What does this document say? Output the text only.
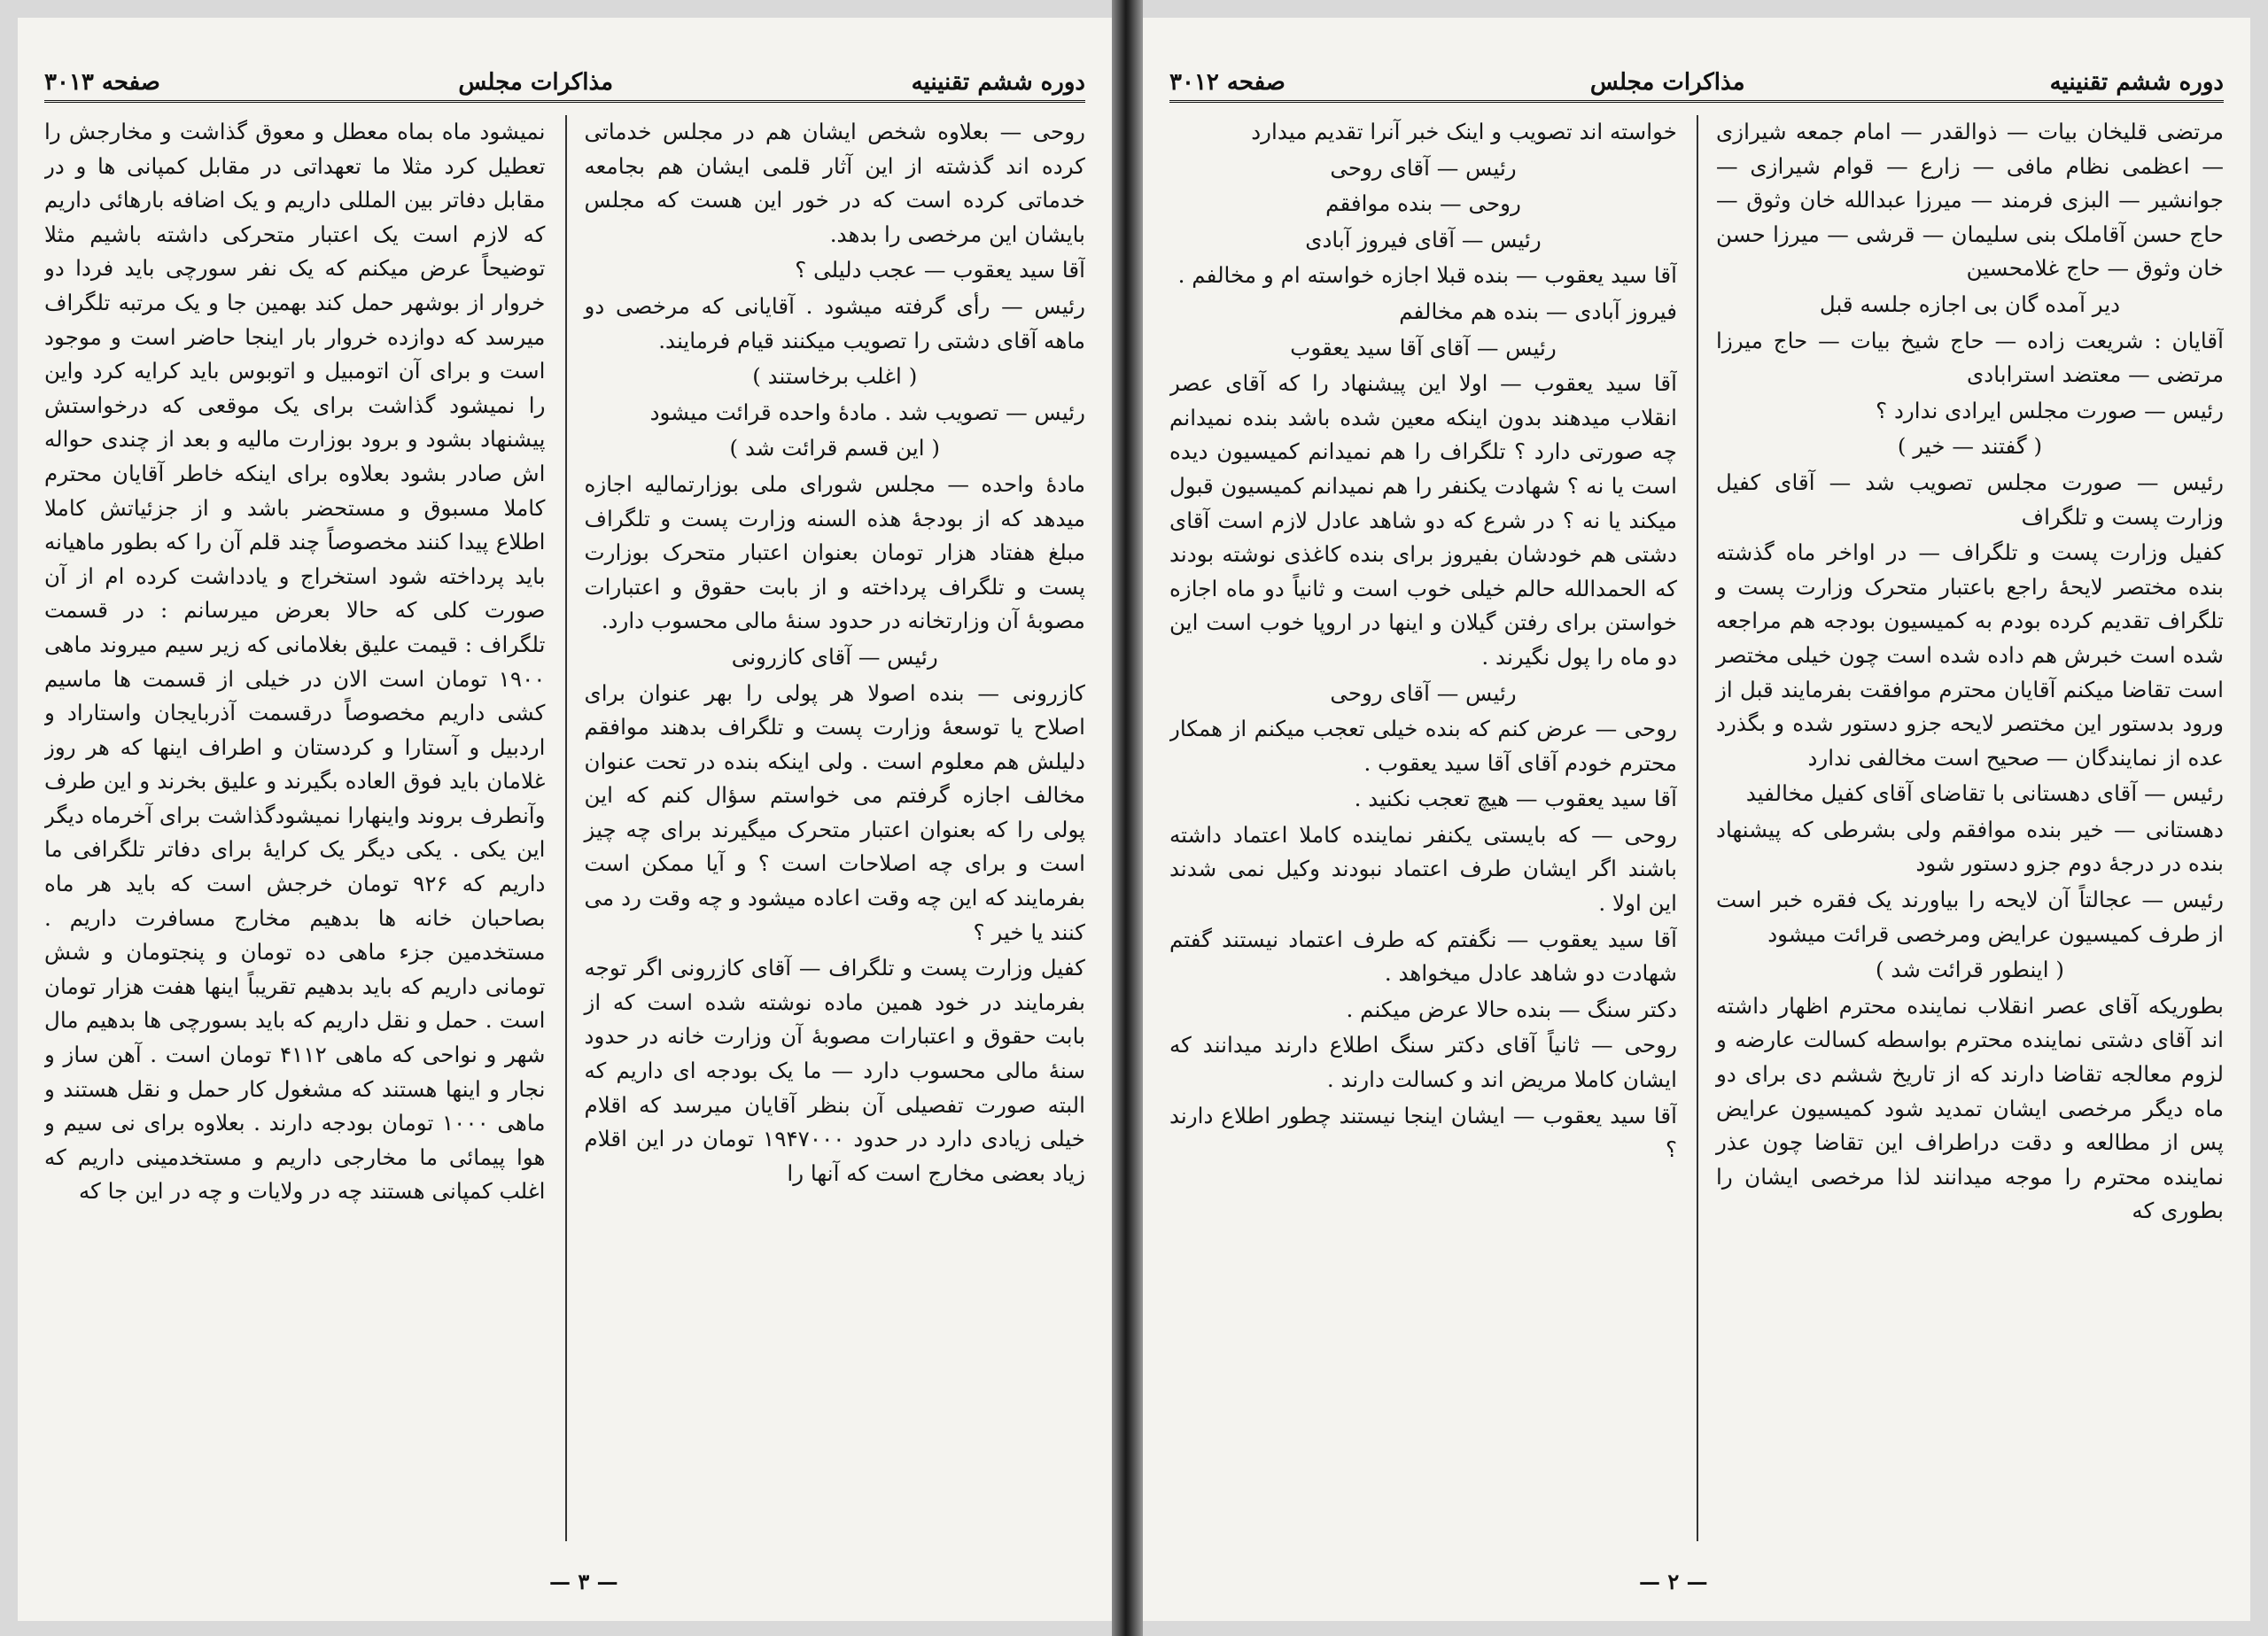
دوره ششم تقنینیه
مذاکرات مجلس
صفحه ۳۰۱۳

روحی — بعلاوه شخص ایشان هم در مجلس خدماتی کرده اند گذشته از این آثار قلمی ایشان هم بجامعه خدماتی کرده است که در خور این هست که مجلس بایشان این مرخصی را بدهد.

آقا سید یعقوب — عجب دلیلی ؟

رئیس — رأی گرفته میشود . آقایانی که مرخصی دو ماهه آقای دشتی را تصویب میکنند قیام فرمایند.

( اغلب برخاستند )

رئیس — تصویب شد . مادهٔ واحده قرائت میشود

( این قسم قرائت شد )

مادهٔ واحده — مجلس شورای ملی بوزارتمالیه اجازه میدهد که از بودجهٔ هذه السنه وزارت پست و تلگراف مبلغ هفتاد هزار تومان بعنوان اعتبار متحرک بوزارت پست و تلگراف پرداخته و از بابت حقوق و اعتبارات مصوبهٔ آن وزارتخانه در حدود سنهٔ مالی محسوب دارد.

رئیس — آقای کازرونی

کازرونی — بنده اصولا هر پولی را بهر عنوان برای اصلاح یا توسعهٔ وزارت پست و تلگراف بدهند موافقم دلیلش هم معلوم است . ولی اینکه بنده در تحت عنوان مخالف اجازه گرفتم می خواستم سؤال کنم که این پولی را که بعنوان اعتبار متحرک میگیرند برای چه چیز است و برای چه اصلاحات است ؟ و آیا ممکن است بفرمایند که این چه وقت اعاده میشود و چه وقت رد می کنند یا خیر ؟

کفیل وزارت پست و تلگراف — آقای کازرونی اگر توجه بفرمایند در خود همین ماده نوشته شده است که از بابت حقوق و اعتبارات مصوبهٔ آن وزارت خانه در حدود سنهٔ مالی محسوب دارد — ما یک بودجه ای داریم که البته صورت تفصیلی آن بنظر آقایان میرسد که اقلام خیلی زیادی دارد در حدود ۱۹۴۷۰۰۰ تومان در این اقلام زیاد بعضی مخارج است که آنها را

نمیشود ماه بماه معطل و معوق گذاشت و مخارجش را تعطیل کرد مثلا ما تعهداتی در مقابل کمپانی ها و در مقابل دفاتر بین المللی داریم و یک اضافه بارهائی داریم که لازم است یک اعتبار متحرکی داشته باشیم مثلا توضیحاً عرض میکنم که یک نفر سورچی باید فردا دو خروار از بوشهر حمل کند بهمین جا و یک مرتبه تلگراف میرسد که دوازده خروار بار اینجا حاضر است و موجود است و برای آن اتومبیل و اتوبوس باید کرایه کرد واین را نمیشود گذاشت برای یک موقعی که درخواستش پیشنهاد بشود و برود بوزارت مالیه و بعد از چندی حواله اش صادر بشود بعلاوه برای اینکه خاطر آقایان محترم کاملا مسبوق و مستحضر باشد و از جزئیاتش کاملا اطلاع پیدا کنند مخصوصاً چند قلم آن را که بطور ماهیانه باید پرداخته شود استخراج و یادداشت کرده ام از آن صورت کلی که حالا بعرض میرسانم : در قسمت تلگراف : قیمت علیق بغلامانی که زیر سیم میروند ماهی ۱۹۰۰ تومان است الان در خیلی از قسمت ها ماسیم کشی داریم مخصوصاً درقسمت آذربایجان واستاراد و اردبیل و آستارا و کردستان و اطراف اینها که هر روز غلامان باید فوق العاده بگیرند و علیق بخرند و این طرف وآنطرف بروند واینهارا نمیشودگذاشت برای آخرماه دیگر این یکی . یکی دیگر یک کرایهٔ برای دفاتر تلگرافی ما داریم که ۹۲۶ تومان خرجش است که باید هر ماه بصاحبان خانه ها بدهیم مخارج مسافرت داریم . مستخدمین جزء ماهی ده تومان و پنجتومان و شش تومانی داریم که باید بدهیم تقریباً اینها هفت هزار تومان است . حمل و نقل داریم که باید بسورچی ها بدهیم مال شهر و نواحی که ماهی ۴۱۱۲ تومان است . آهن ساز و نجار و اینها هستند که مشغول کار حمل و نقل هستند و ماهی ۱۰۰۰ تومان بودجه دارند . بعلاوه برای نی سیم و هوا پیمائی ما مخارجی داریم و مستخدمینی داریم که اغلب کمپانی هستند چه در ولایات و چه در این جا که

— ۳ —
دوره ششم تقنینیه
مذاکرات مجلس
صفحه ۳۰۱۲

مرتضی قلیخان بیات — ذوالقدر — امام جمعه شیرازی — اعظمی نظام مافی — زارع — قوام شیرازی — جوانشیر — البزی فرمند — میرزا عبدالله خان وثوق — حاج حسن آقاملک بنی سلیمان — قرشی — میرزا حسن خان وثوق — حاج غلامحسین

دیر آمده گان بی اجازه جلسه قبل

آقایان : شریعت زاده — حاج شیخ بیات — حاج میرزا مرتضی — معتضد استرابادی

رئیس — صورت مجلس ایرادی ندارد ؟

( گفتند — خیر )

رئیس — صورت مجلس تصویب شد — آقای کفیل وزارت پست و تلگراف

کفیل وزارت پست و تلگراف — در اواخر ماه گذشته بنده مختصر لایحهٔ راجع باعتبار متحرک وزارت پست و تلگراف تقدیم کرده بودم به کمیسیون بودجه هم مراجعه شده است خبرش هم داده شده است چون خیلی مختصر است تقاضا میکنم آقایان محترم موافقت بفرمایند قبل از ورود بدستور این مختصر لایحه جزو دستور شده و بگذرد عده از نمایندگان — صحیح است مخالفی ندارد

رئیس — آقای دهستانی با تقاضای آقای کفیل مخالفید

دهستانی — خیر بنده موافقم ولی بشرطی که پیشنهاد بنده در درجهٔ دوم جزو دستور شود

رئیس — عجالتاً آن لایحه را بیاورند یک فقره خبر است از طرف کمیسیون عرایض ومرخصی قرائت میشود

( اینطور قرائت شد )

بطوریکه آقای عصر انقلاب نماینده محترم اظهار داشته اند آقای دشتی نماینده محترم بواسطه کسالت عارضه و لزوم معالجه تقاضا دارند که از تاریخ ششم دی برای دو ماه دیگر مرخصی ایشان تمدید شود کمیسیون عرایض پس از مطالعه و دقت دراطراف این تقاضا چون عذر نماینده محترم را موجه میدانند لذا مرخصی ایشان را بطوری که

خواسته اند تصویب و اینک خبر آنرا تقدیم میدارد

رئیس — آقای روحی

روحی — بنده موافقم

رئیس — آقای فیروز آبادی

آقا سید یعقوب — بنده قبلا اجازه خواسته ام و مخالفم .

فیروز آبادی — بنده هم مخالفم

رئیس — آقای آقا سید یعقوب

آقا سید یعقوب — اولا این پیشنهاد را که آقای عصر انقلاب میدهند بدون اینکه معین شده باشد بنده نمیدانم چه صورتی دارد ؟ تلگراف را هم نمیدانم کمیسیون دیده است یا نه ؟ شهادت یکنفر را هم نمیدانم کمیسیون قبول میکند یا نه ؟ در شرع که دو شاهد عادل لازم است آقای دشتی هم خودشان بفیروز برای بنده کاغذی نوشته بودند که الحمدالله حالم خیلی خوب است و ثانیاً دو ماه اجازه خواستن برای رفتن گیلان و اینها در اروپا خوب است این دو ماه را پول نگیرند .

رئیس — آقای روحی

روحی — عرض کنم که بنده خیلی تعجب میکنم از همکار محترم خودم آقای آقا سید یعقوب .

آقا سید یعقوب — هیچ تعجب نکنید .

روحی — که بایستی یکنفر نماینده کاملا اعتماد داشته باشند اگر ایشان طرف اعتماد نبودند وکیل نمی شدند این اولا .

آقا سید یعقوب — نگفتم که طرف اعتماد نیستند گفتم شهادت دو شاهد عادل میخواهد .

دکتر سنگ — بنده حالا عرض میکنم .

روحی — ثانیاً آقای دکتر سنگ اطلاع دارند میدانند که ایشان کاملا مریض اند و کسالت دارند .

آقا سید یعقوب — ایشان اینجا نیستند چطور اطلاع دارند ؟

— ۲ —
